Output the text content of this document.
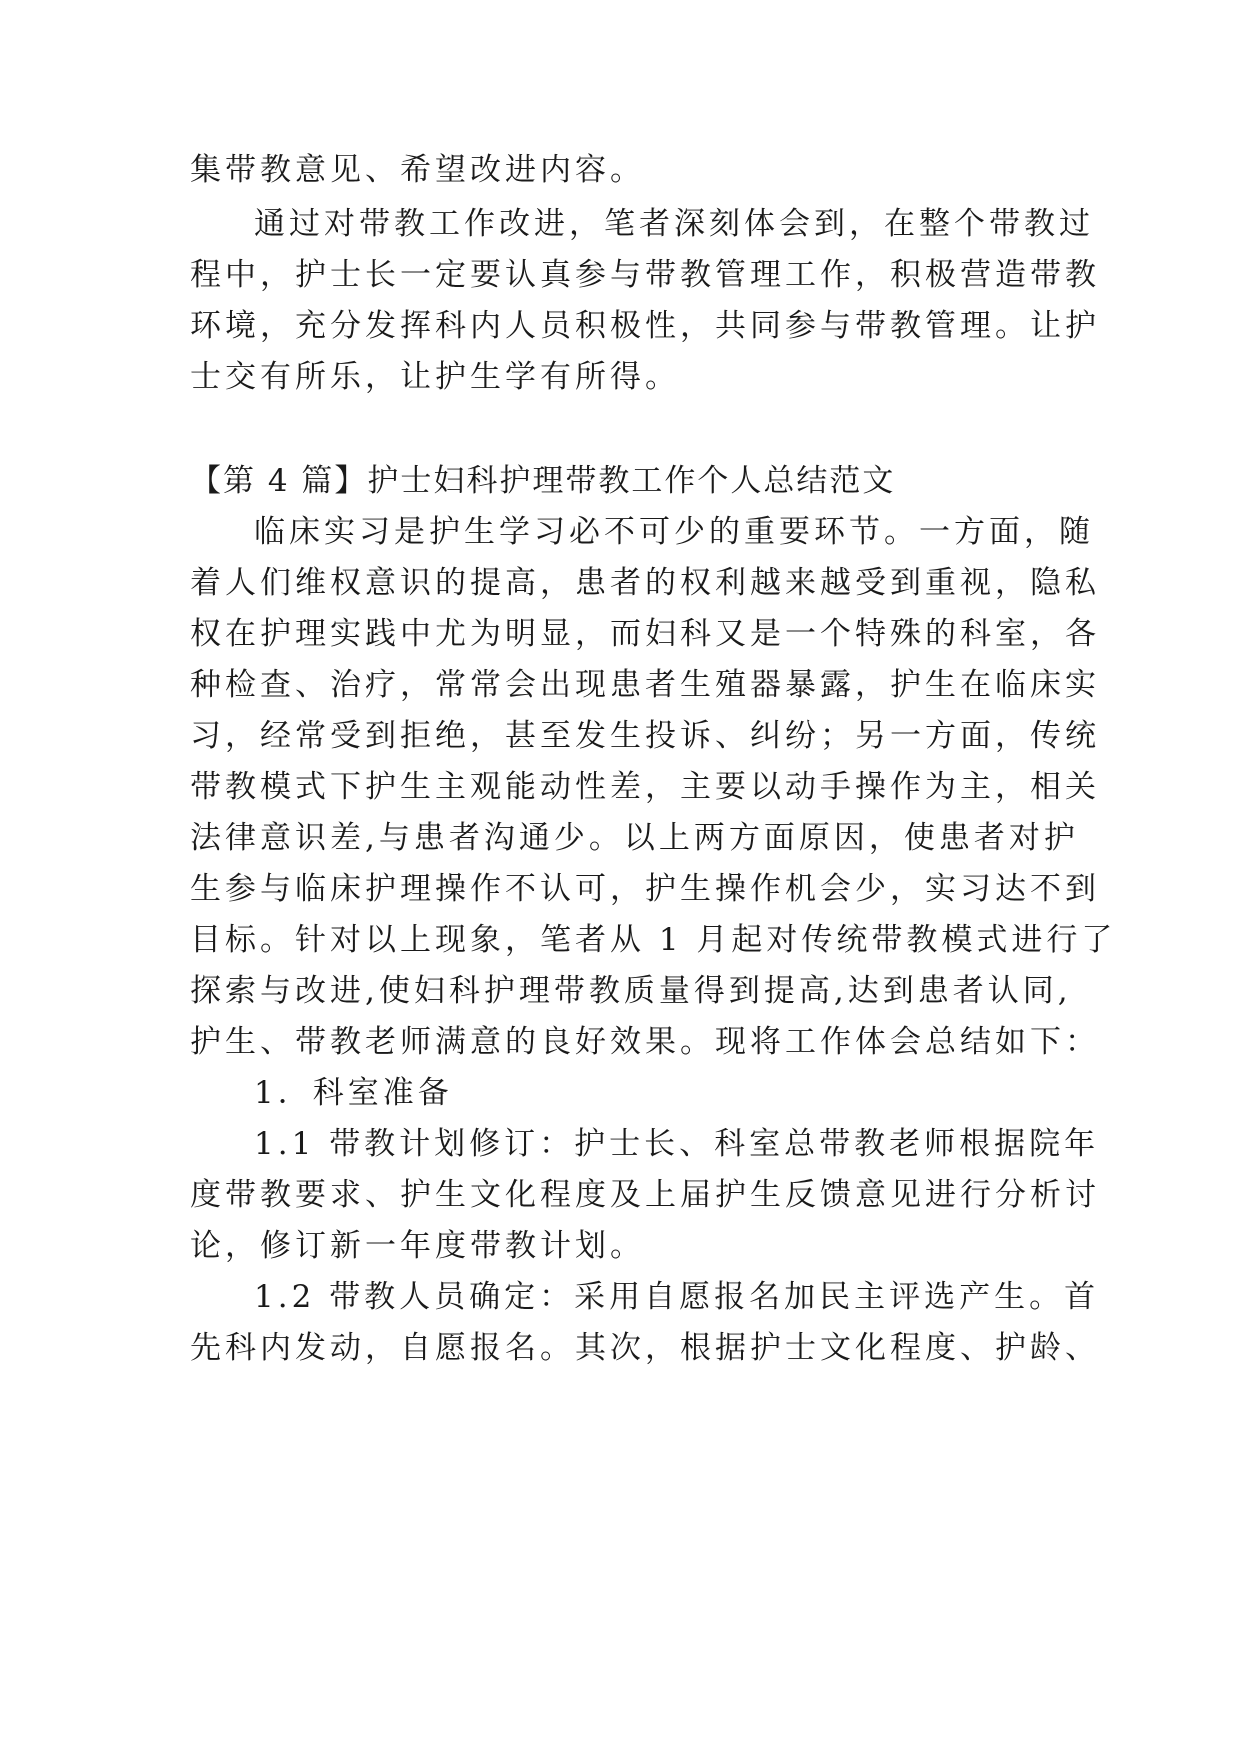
集带教意见、希望改进内容。
通过对带教工作改进，笔者深刻体会到，在整个带教过
程中，护士长一定要认真参与带教管理工作，积极营造带教
环境，充分发挥科内人员积极性，共同参与带教管理。让护
士交有所乐，让护生学有所得。
【第 4 篇】护士妇科护理带教工作个人总结范文
临床实习是护生学习必不可少的重要环节。一方面，随
着人们维权意识的提高，患者的权利越来越受到重视，隐私
权在护理实践中尤为明显，而妇科又是一个特殊的科室，各
种检查、治疗，常常会出现患者生殖器暴露，护生在临床实
习，经常受到拒绝，甚至发生投诉、纠纷；另一方面，传统
带教模式下护生主观能动性差，主要以动手操作为主，相关
法律意识差,与患者沟通少。以上两方面原因，使患者对护
生参与临床护理操作不认可，护生操作机会少，实习达不到
目标。针对以上现象，笔者从 1 月起对传统带教模式进行了
探索与改进,使妇科护理带教质量得到提高,达到患者认同,
护生、带教老师满意的良好效果。现将工作体会总结如下：
1．科室准备
1.1 带教计划修订：护士长、科室总带教老师根据院年
度带教要求、护生文化程度及上届护生反馈意见进行分析讨
论，修订新一年度带教计划。
1.2 带教人员确定：采用自愿报名加民主评选产生。首
先科内发动，自愿报名。其次，根据护士文化程度、护龄、
